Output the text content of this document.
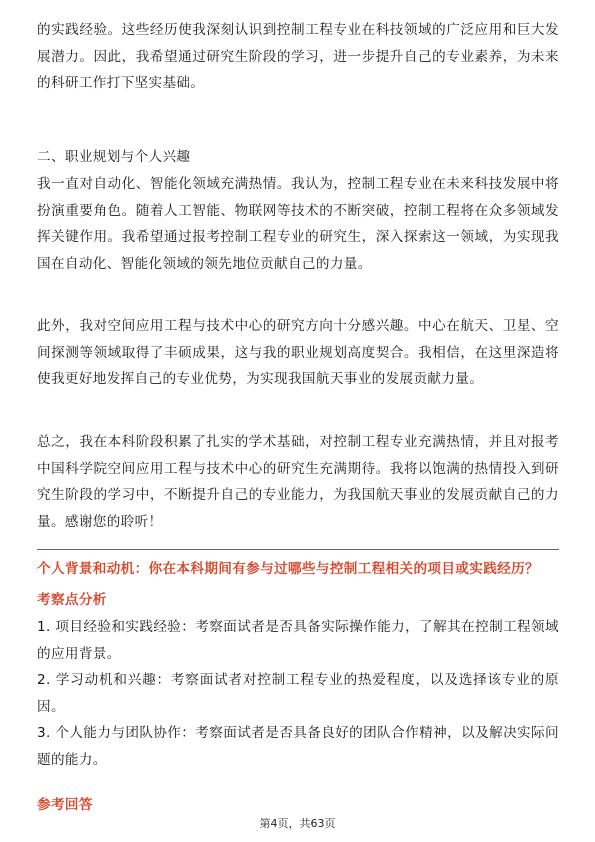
的实践经验。这些经历使我深刻认识到控制工程专业在科技领域的广泛应用和巨大发展潜力。因此，我希望通过研究生阶段的学习，进一步提升自己的专业素养，为未来的科研工作打下坚实基础。

二、职业规划与个人兴趣

我一直对自动化、智能化领域充满热情。我认为，控制工程专业在未来科技发展中将扮演重要角色。随着人工智能、物联网等技术的不断突破，控制工程将在众多领域发挥关键作用。我希望通过报考控制工程专业的研究生，深入探索这一领域，为实现我国在自动化、智能化领域的领先地位贡献自己的力量。

此外，我对空间应用工程与技术中心的研究方向十分感兴趣。中心在航天、卫星、空间探测等领域取得了丰硕成果，这与我的职业规划高度契合。我相信，在这里深造将使我更好地发挥自己的专业优势，为实现我国航天事业的发展贡献力量。

总之，我在本科阶段积累了扎实的学术基础，对控制工程专业充满热情，并且对报考中国科学院空间应用工程与技术中心的研究生充满期待。我将以饱满的热情投入到研究生阶段的学习中，不断提升自己的专业能力，为我国航天事业的发展贡献自己的力量。感谢您的聆听！

个人背景和动机：你在本科期间有参与过哪些与控制工程相关的项目或实践经历？

考察点分析

1. 项目经验和实践经验：考察面试者是否具备实际操作能力，了解其在控制工程领域的应用背景。
2. 学习动机和兴趣：考察面试者对控制工程专业的热爱程度，以及选择该专业的原因。
3. 个人能力与团队协作：考察面试者是否具备良好的团队合作精神，以及解决实际问题的能力。

参考回答

第4页，共63页
